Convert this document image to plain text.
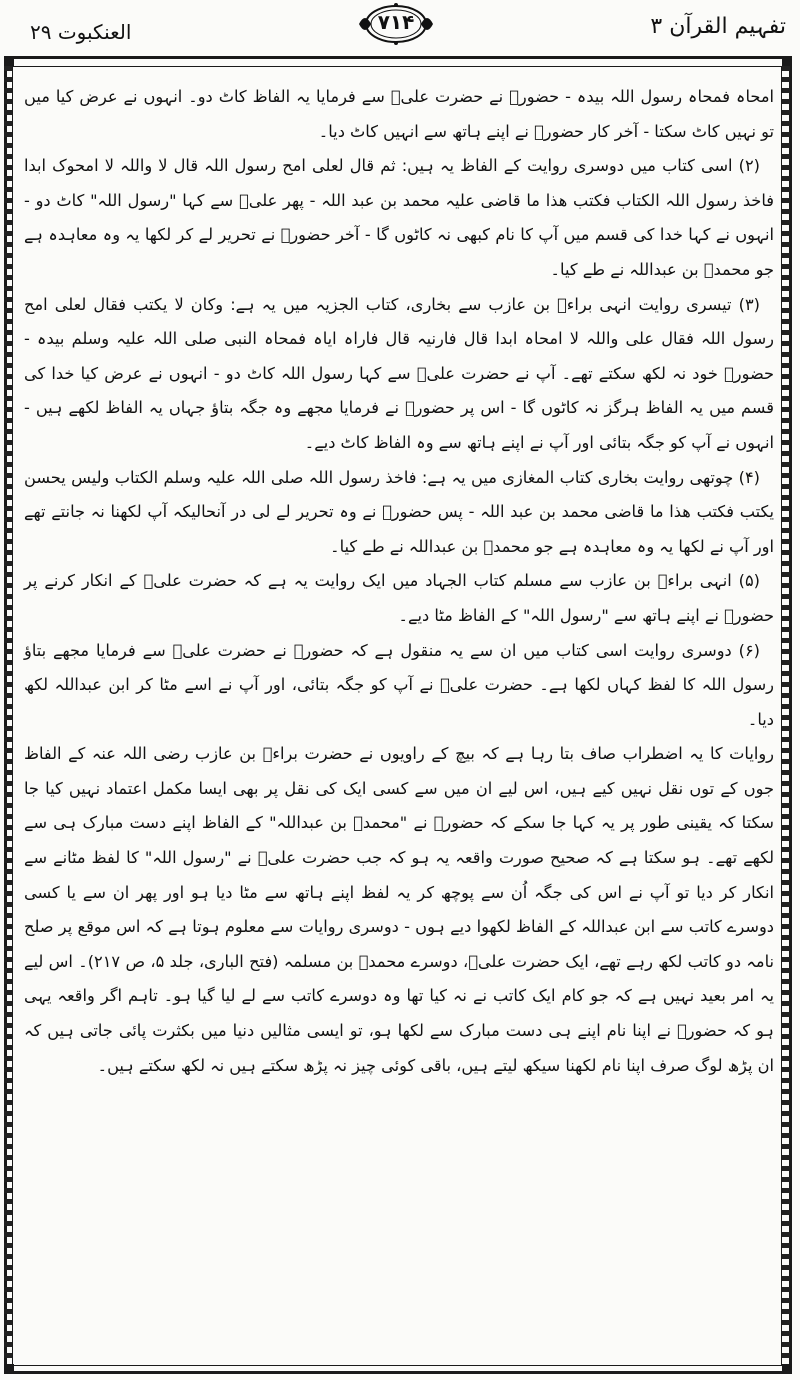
تفہیم القرآن ۳
۷۱۴
العنکبوت ۲۹

امحاہ فمحاہ رسول اللہ بیدہ - حضورؐ نے حضرت علیؓ سے فرمایا یہ الفاظ کاٹ دو۔ انہوں نے عرض کیا میں تو نہیں کاٹ سکتا - آخر کار حضورؐ نے اپنے ہاتھ سے انہیں کاٹ دیا۔

(۲) اسی کتاب میں دوسری روایت کے الفاظ یہ ہیں: ثم قال لعلی امح رسول اللہ قال لا واللہ لا امحوک ابدا فاخذ رسول اللہ الکتاب فکتب ھذا ما قاضی علیہ محمد بن عبد اللہ - پھر علیؓ سے کہا "رسول اللہ" کاٹ دو - انہوں نے کہا خدا کی قسم میں آپ کا نام کبھی نہ کاٹوں گا - آخر حضورؐ نے تحریر لے کر لکھا یہ وہ معاہدہ ہے جو محمدؐ بن عبداللہ نے طے کیا۔

(۳) تیسری روایت انہی براءؓ بن عازب سے بخاری، کتاب الجزیہ میں یہ ہے: وکان لا یکتب فقال لعلی امح رسول اللہ فقال علی واللہ لا امحاہ ابدا قال فارنیہ قال فاراہ ایاہ فمحاہ النبی صلی اللہ علیہ وسلم بیدہ - حضورؐ خود نہ لکھ سکتے تھے۔ آپ نے حضرت علیؓ سے کہا رسول اللہ کاٹ دو - انہوں نے عرض کیا خدا کی قسم میں یہ الفاظ ہرگز نہ کاٹوں گا - اس پر حضورؐ نے فرمایا مجھے وہ جگہ بتاؤ جہاں یہ الفاظ لکھے ہیں - انہوں نے آپ کو جگہ بتائی اور آپ نے اپنے ہاتھ سے وہ الفاظ کاٹ دیے۔

(۴) چوتھی روایت بخاری کتاب المغازی میں یہ ہے: فاخذ رسول اللہ صلی اللہ علیہ وسلم الکتاب ولیس یحسن یکتب فکتب ھذا ما قاضی محمد بن عبد اللہ - پس حضورؐ نے وہ تحریر لے لی در آنحالیکہ آپ لکھنا نہ جانتے تھے اور آپ نے لکھا یہ وہ معاہدہ ہے جو محمدؐ بن عبداللہ نے طے کیا۔

(۵) انہی براءؓ بن عازب سے مسلم کتاب الجہاد میں ایک روایت یہ ہے کہ حضرت علیؓ کے انکار کرنے پر حضورؐ نے اپنے ہاتھ سے "رسول اللہ" کے الفاظ مٹا دیے۔

(۶) دوسری روایت اسی کتاب میں ان سے یہ منقول ہے کہ حضورؐ نے حضرت علیؓ سے فرمایا مجھے بتاؤ رسول اللہ کا لفظ کہاں لکھا ہے۔ حضرت علیؓ نے آپ کو جگہ بتائی، اور آپ نے اسے مٹا کر ابن عبداللہ لکھ دیا۔

روایات کا یہ اضطراب صاف بتا رہا ہے کہ بیچ کے راویوں نے حضرت براءؓ بن عازب رضی اللہ عنہ کے الفاظ جوں کے توں نقل نہیں کیے ہیں، اس لیے ان میں سے کسی ایک کی نقل پر بھی ایسا مکمل اعتماد نہیں کیا جا سکتا کہ یقینی طور پر یہ کہا جا سکے کہ حضورؐ نے "محمدؐ بن عبداللہ" کے الفاظ اپنے دست مبارک ہی سے لکھے تھے۔ ہو سکتا ہے کہ صحیح صورت واقعہ یہ ہو کہ جب حضرت علیؓ نے "رسول اللہ" کا لفظ مٹانے سے انکار کر دیا تو آپ نے اس کی جگہ اُن سے پوچھ کر یہ لفظ اپنے ہاتھ سے مٹا دیا ہو اور پھر ان سے یا کسی دوسرے کاتب سے ابن عبداللہ کے الفاظ لکھوا دیے ہوں - دوسری روایات سے معلوم ہوتا ہے کہ اس موقع پر صلح نامہ دو کاتب لکھ رہے تھے، ایک حضرت علیؓ، دوسرے محمدؐ بن مسلمہ (فتح الباری، جلد ۵، ص ۲۱۷)۔ اس لیے یہ امر بعید نہیں ہے کہ جو کام ایک کاتب نے نہ کیا تھا وہ دوسرے کاتب سے لے لیا گیا ہو۔ تاہم اگر واقعہ یہی ہو کہ حضورؐ نے اپنا نام اپنے ہی دست مبارک سے لکھا ہو، تو ایسی مثالیں دنیا میں بکثرت پائی جاتی ہیں کہ ان پڑھ لوگ صرف اپنا نام لکھنا سیکھ لیتے ہیں، باقی کوئی چیز نہ پڑھ سکتے ہیں نہ لکھ سکتے ہیں۔
